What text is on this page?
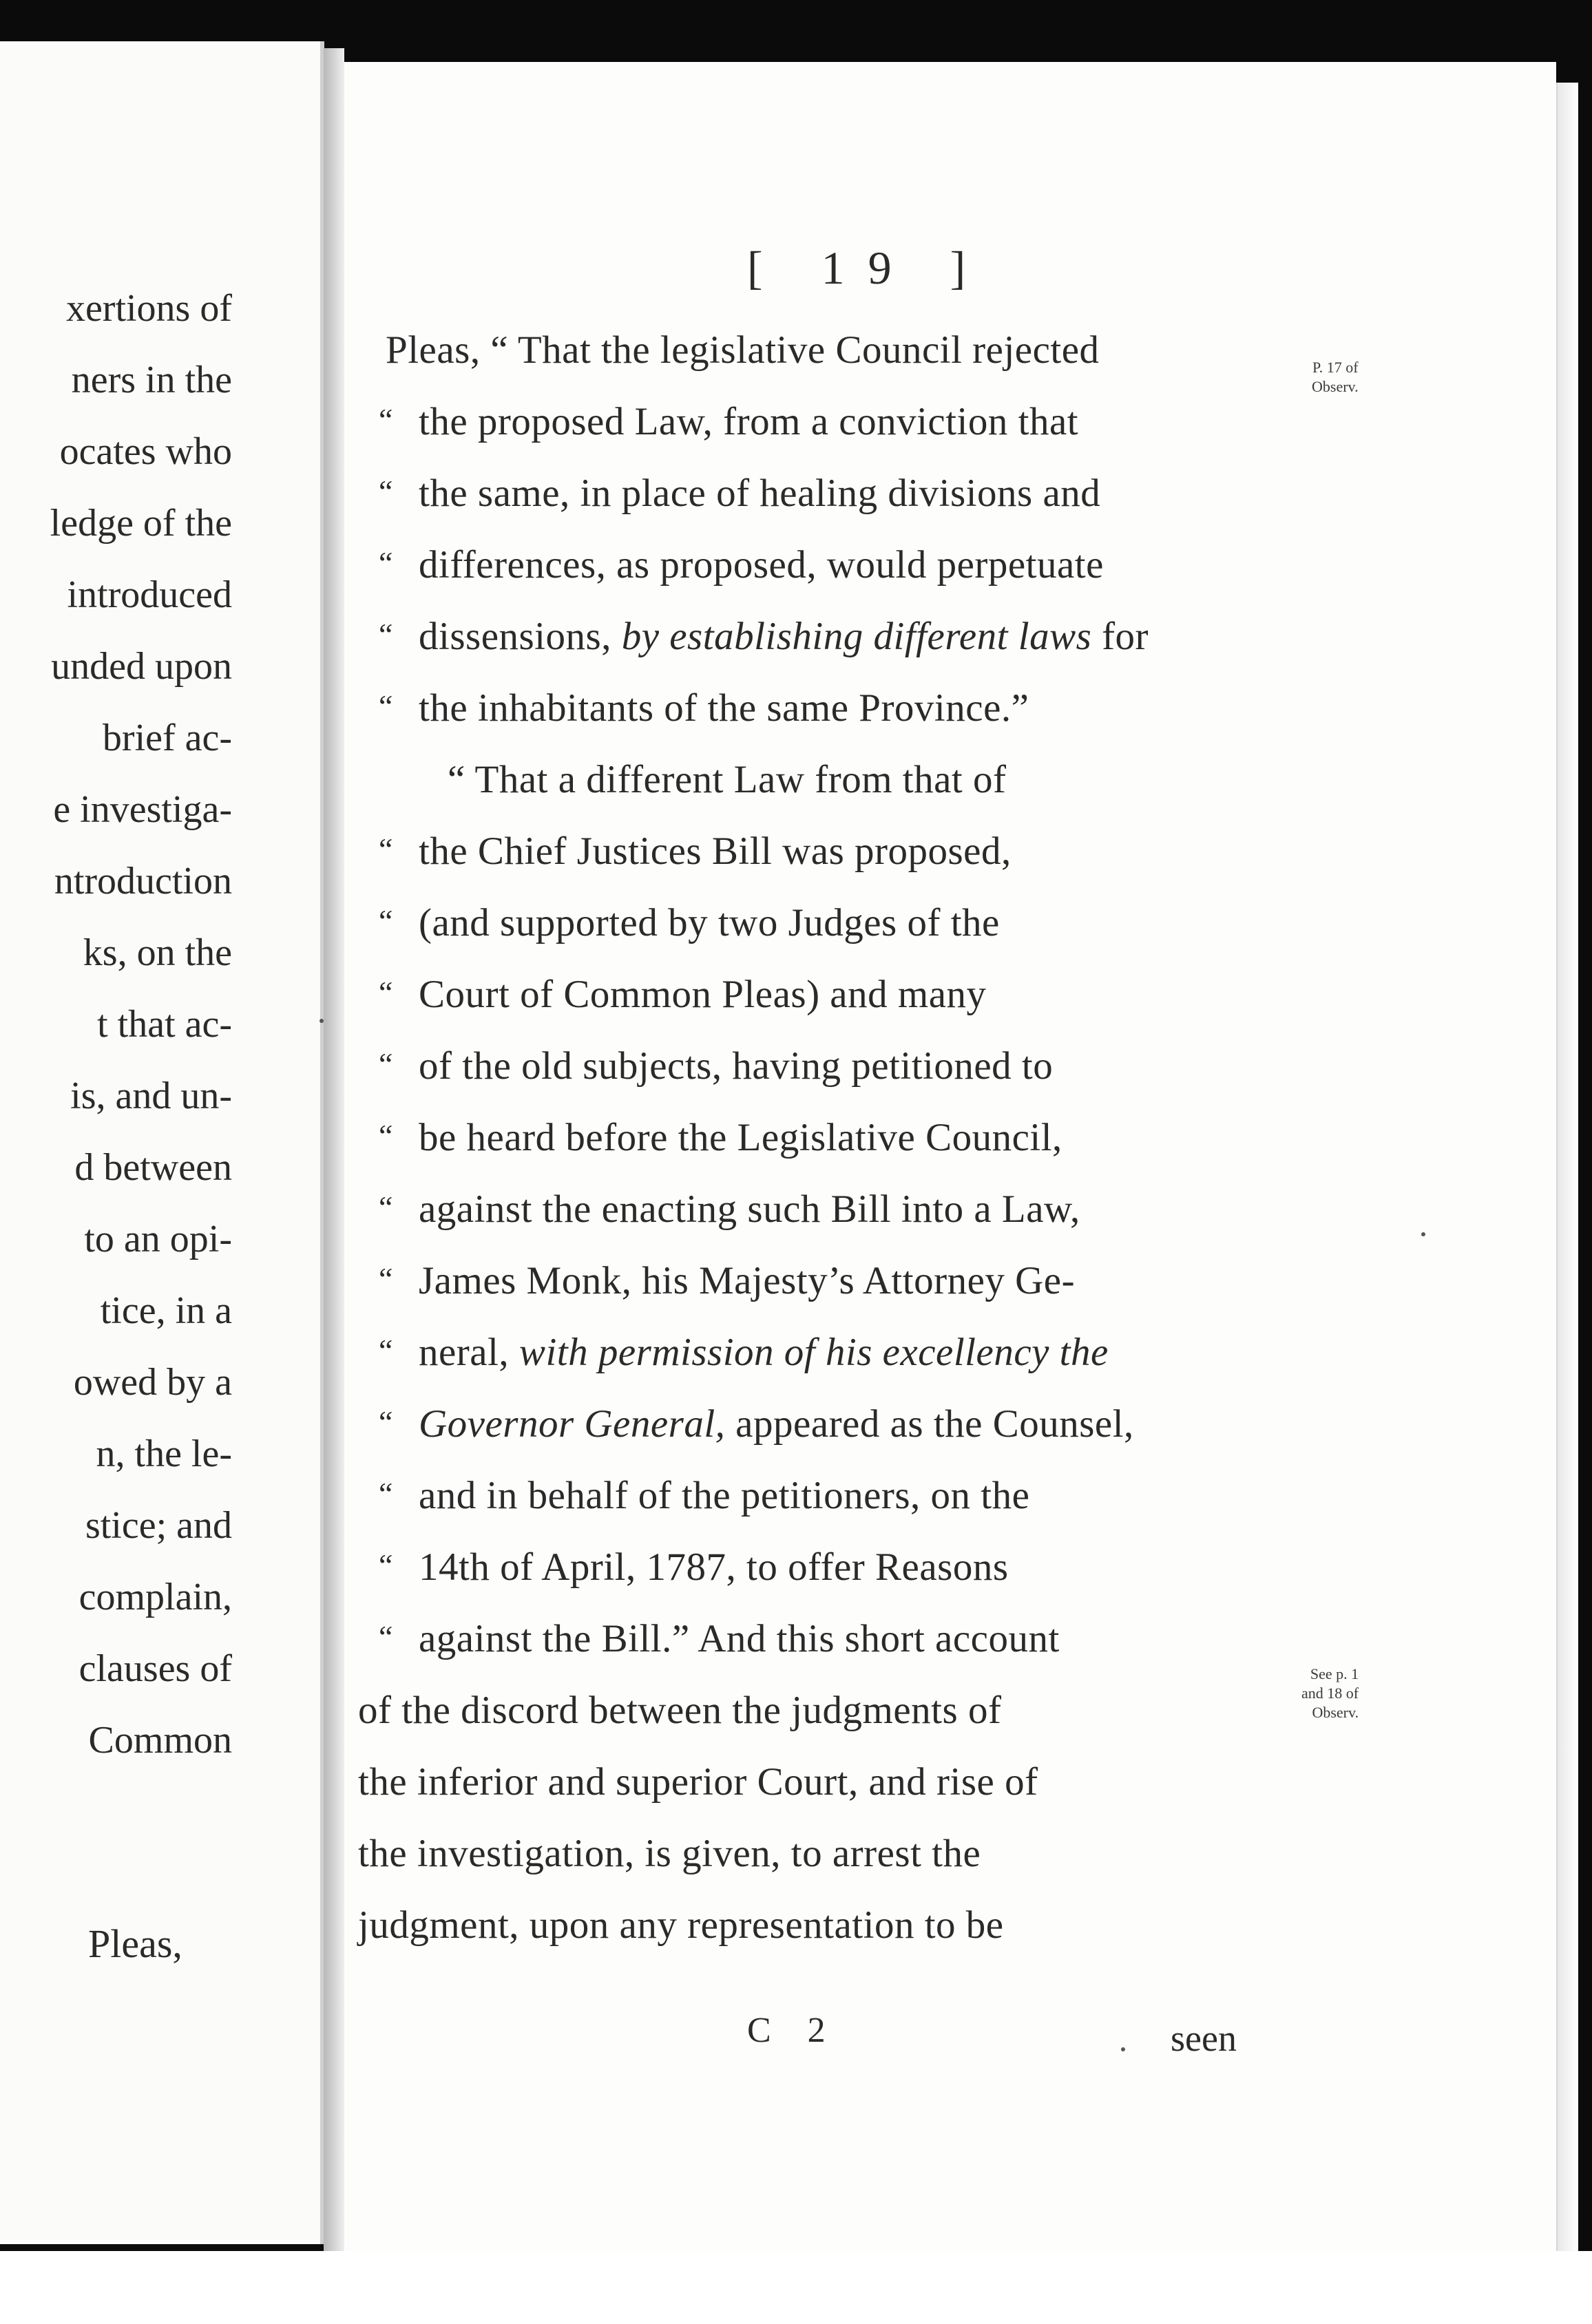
xertions of
ners in the
ocates who
ledge of the
introduced
unded upon
brief ac-
e investiga-
ntroduction
ks, on the
t that ac-
is, and un-
d between
to an opi-
tice, in a
owed by a
n, the le-
stice; and
complain,
clauses of
Common
Pleas,
[ 19 ]
Pleas, “ That the legislative Council rejected
“ the proposed Law, from a conviction that
“ the same, in place of healing divisions and
“ differences, as proposed, would perpetuate
“ dissensions, by establishing different laws for
“ the inhabitants of the same Province.”
“ That a different Law from that of
“ the Chief Justices Bill was proposed,
“ (and supported by two Judges of the
“ Court of Common Pleas) and many
“ of the old subjects, having petitioned to
“ be heard before the Legislative Council,
“ against the enacting such Bill into a Law,
“ James Monk, his Majesty’s Attorney Ge-
“ neral, with permission of his excellency the
“ Governor General, appeared as the Counsel,
“ and in behalf of the petitioners, on the
“ 14th of April, 1787, to offer Reasons
“ against the Bill.” And this short account
of the discord between the judgments of
the inferior and superior Court, and rise of
the investigation, is given, to arrest the
judgment, upon any representation to be
P. 17 of
Observ.
See p. 1
and 18 of
Observ.
C 2	seen
